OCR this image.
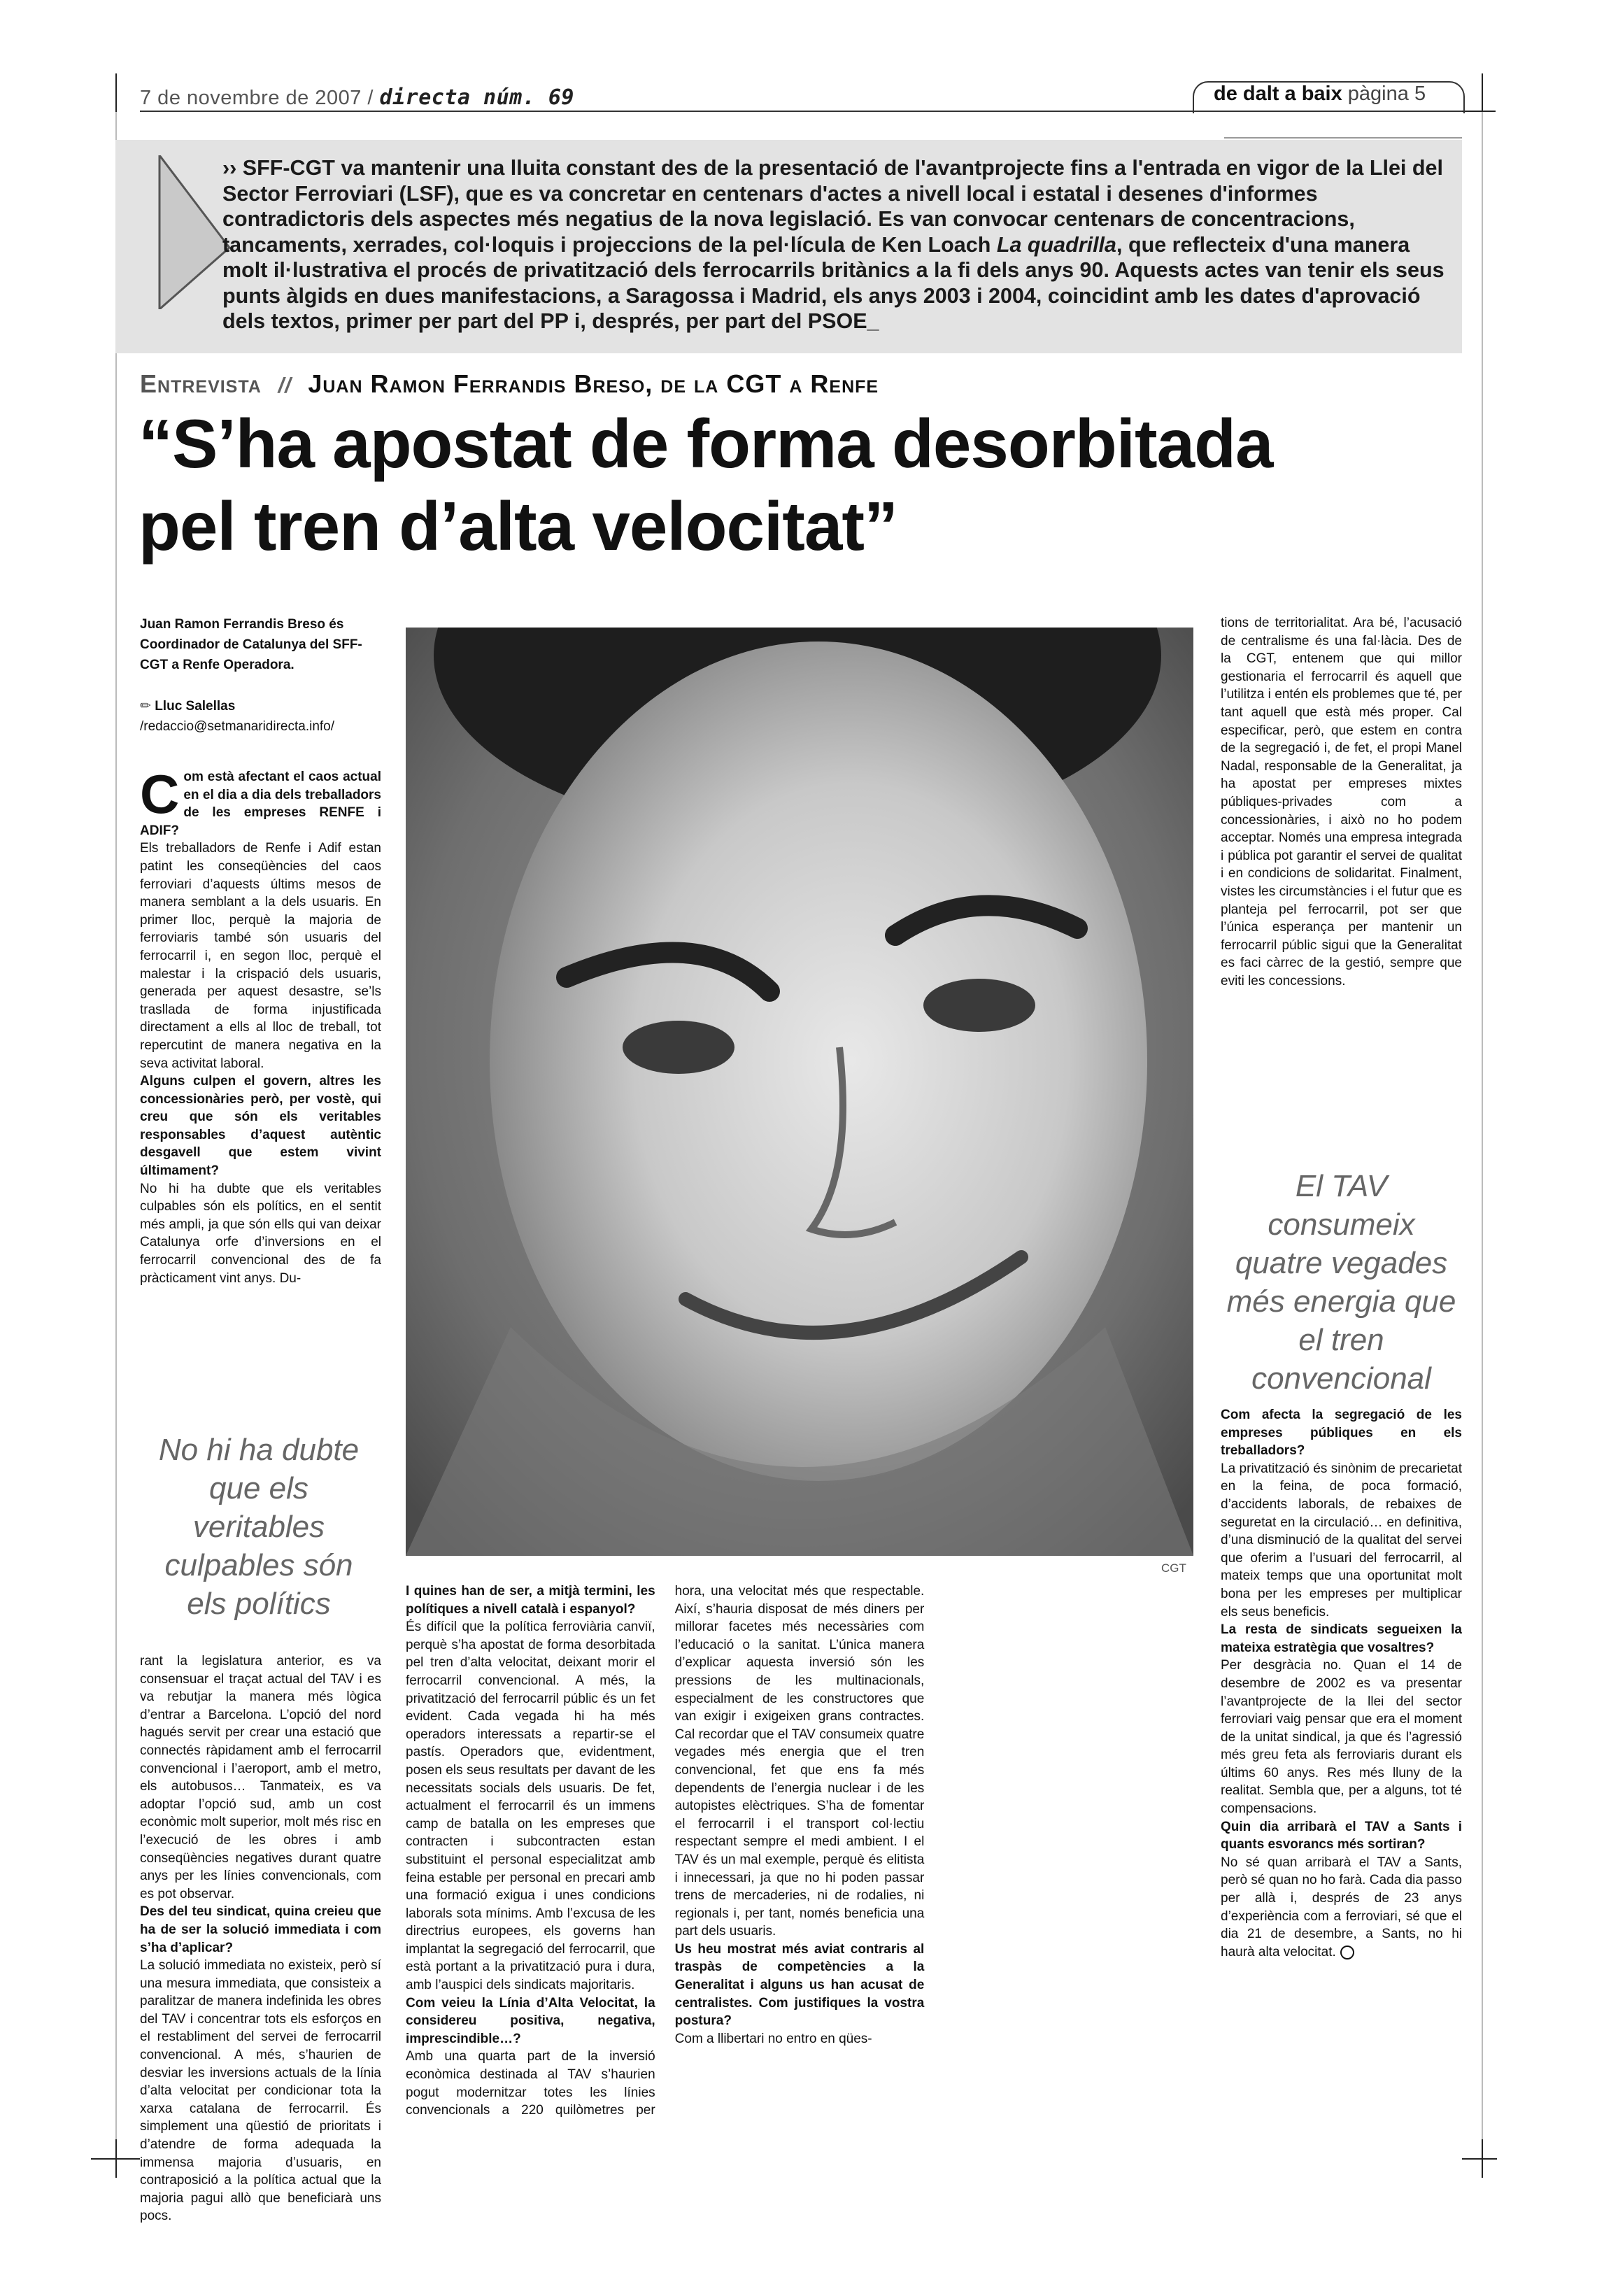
7 de novembre de 2007 / directa núm. 69	de dalt a baix pàgina 5
›› SFF-CGT va mantenir una lluita constant des de la presentació de l'avantprojecte fins a l'entrada en vigor de la Llei del Sector Ferroviari (LSF), que es va concretar en centenars d'actes a nivell local i estatal i desenes d'informes contradictoris dels aspectes més negatius de la nova legislació. Es van convocar centenars de concentracions, tancaments, xerrades, col·loquis i projeccions de la pel·lícula de Ken Loach La quadrilla, que reflecteix d'una manera molt il·lustrativa el procés de privatització dels ferrocarrils britànics a la fi dels anys 90. Aquests actes van tenir els seus punts àlgids en dues manifestacions, a Saragossa i Madrid, els anys 2003 i 2004, coincidint amb les dates d'aprovació dels textos, primer per part del PP i, després, per part del PSOE_
Entrevista // Juan Ramon Ferrandis Breso, de la CGT a Renfe
“S’ha apostat de forma desorbitada
pel tren d’alta velocitat”
Juan Ramon Ferrandis Breso és Coordinador de Catalunya del SFF-CGT a Renfe Operadora.
✏ Lluc Salellas
/redaccio@setmanaridirecta.info/
CGT

Com està afectant el caos actual en el dia a dia dels treballadors de les empreses RENFE i ADIF?

Els treballadors de Renfe i Adif estan patint les conseqüències del caos ferroviari d’aquests últims mesos de manera semblant a la dels usuaris. En primer lloc, perquè la majoria de ferroviaris també són usuaris del ferrocarril i, en segon lloc, perquè el malestar i la crispació dels usuaris, generada per aquest desastre, se’ls trasllada de forma injustificada directament a ells al lloc de treball, tot repercutint de manera negativa en la seva activitat laboral.

Alguns culpen el govern, altres les concessionàries però, per vostè, qui creu que són els veritables responsables d’aquest autèntic desgavell que estem vivint últimament?

No hi ha dubte que els veritables culpables són els polítics, en el sentit més ampli, ja que són ells qui van deixar Catalunya orfe d’inversions en el ferrocarril convencional des de fa pràcticament vint anys. Du-

No hi ha dubte que els veritables culpables són els polítics

rant la legislatura anterior, es va consensuar el traçat actual del TAV i es va rebutjar la manera més lògica d’entrar a Barcelona. L’opció del nord hagués servit per crear una estació que connectés ràpidament amb el ferrocarril convencional i l’aeroport, amb el metro, els autobusos… Tanmateix, es va adoptar l’opció sud, amb un cost econòmic molt superior, molt més risc en l’execució de les obres i amb conseqüències negatives durant quatre anys per les línies convencionals, com es pot observar.

Des del teu sindicat, quina creieu que ha de ser la solució immediata i com s’ha d’aplicar?

La solució immediata no existeix, però sí una mesura immediata, que consisteix a paralitzar de manera indefinida les obres del TAV i concentrar tots els esforços en el restabliment del servei de ferrocarril convencional. A més, s’haurien de desviar les inversions actuals de la línia d’alta velocitat per condicionar tota la xarxa catalana de ferrocarril. És simplement una qüestió de prioritats i d’atendre de forma adequada la immensa majoria d’usuaris, en contraposició a la política actual que la majoria pagui allò que beneficiarà uns pocs.

I quines han de ser, a mitjà termini, les polítiques a nivell català i espanyol?

És difícil que la política ferroviària canviï, perquè s’ha apostat de forma desorbitada pel tren d’alta velocitat, deixant morir el ferrocarril convencional. A més, la privatització del ferrocarril públic és un fet evident. Cada vegada hi ha més operadors interessats a repartir-se el pastís. Operadors que, evidentment, posen els seus resultats per davant de les necessitats socials dels usuaris. De fet, actualment el ferrocarril és un immens camp de batalla on les empreses que contracten i subcontracten estan substituint el personal especialitzat amb feina estable per personal en precari amb una formació exigua i unes condicions laborals sota mínims. Amb l’excusa de les directrius europees, els governs han implantat la segregació del ferrocarril, que està portant a la privatització pura i dura, amb l’auspici dels sindicats majoritaris.

Com veieu la Línia d’Alta Velocitat, la considereu positiva, negativa, imprescindible…?

Amb una quarta part de la inversió econòmica destinada al TAV s’haurien pogut modernitzar totes les línies convencionals a 220 quilòmetres per hora, una velocitat més que respectable. Així, s’hauria disposat de més diners per millorar facetes més necessàries com l’educació o la sanitat. L’única manera d’explicar aquesta inversió són les pressions de les multinacionals, especialment de les constructores que van exigir i exigeixen grans contractes. Cal recordar que el TAV consumeix quatre vegades més energia que el tren convencional, fet que ens fa més dependents de l’energia nuclear i de les autopistes elèctriques. S’ha de fomentar el ferrocarril i el transport col·lectiu respectant sempre el medi ambient. I el TAV és un mal exemple, perquè és elitista i innecessari, ja que no hi poden passar trens de mercaderies, ni de rodalies, ni regionals i, per tant, només beneficia una part dels usuaris.

Us heu mostrat més aviat contraris al traspàs de competències a la Generalitat i alguns us han acusat de centralistes. Com justifiques la vostra postura?

Com a llibertari no entro en qües-

tions de territorialitat. Ara bé, l’acusació de centralisme és una fal·làcia. Des de la CGT, entenem que qui millor gestionaria el ferrocarril és aquell que l’utilitza i entén els problemes que té, per tant aquell que està més proper. Cal especificar, però, que estem en contra de la segregació i, de fet, el propi Manel Nadal, responsable de la Generalitat, ja ha apostat per empreses mixtes públiques-privades com a concessionàries, i això no ho podem acceptar. Només una empresa integrada i pública pot garantir el servei de qualitat i en condicions de solidaritat. Finalment, vistes les circumstàncies i el futur que es planteja pel ferrocarril, pot ser que l’única esperança per mantenir un ferrocarril públic sigui que la Generalitat es faci càrrec de la gestió, sempre que eviti les concessions.

El TAV consumeix quatre vegades més energia que el tren convencional

Com afecta la segregació de les empreses públiques en els treballadors?

La privatització és sinònim de precarietat en la feina, de poca formació, d’accidents laborals, de rebaixes de seguretat en la circulació… en definitiva, d’una disminució de la qualitat del servei que oferim a l’usuari del ferrocarril, al mateix temps que una oportunitat molt bona per les empreses per multiplicar els seus beneficis.

La resta de sindicats segueixen la mateixa estratègia que vosaltres?

Per desgràcia no. Quan el 14 de desembre de 2002 es va presentar l’avantprojecte de la llei del sector ferroviari vaig pensar que era el moment de la unitat sindical, ja que és l’agressió més greu feta als ferroviaris durant els últims 60 anys. Res més lluny de la realitat. Sembla que, per a alguns, tot té compensacions.

Quin dia arribarà el TAV a Sants i quants esvorancs més sortiran?

No sé quan arribarà el TAV a Sants, però sé quan no ho farà. Cada dia passo per allà i, després de 23 anys d’experiència com a ferroviari, sé que el dia 21 de desembre, a Sants, no hi haurà alta velocitat.
